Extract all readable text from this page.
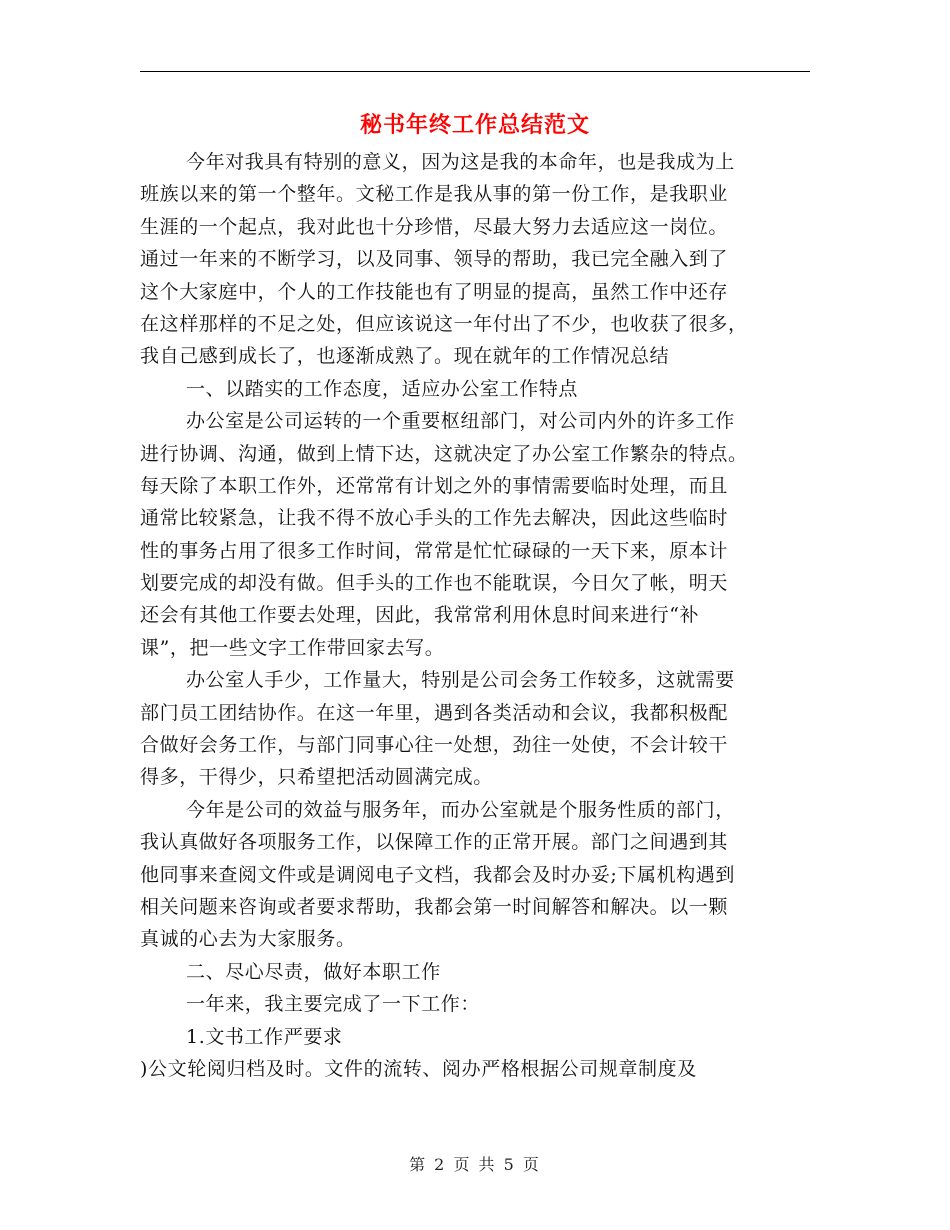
秘书年终工作总结范文
今年对我具有特别的意义，因为这是我的本命年，也是我成为上
班族以来的第一个整年。文秘工作是我从事的第一份工作，是我职业
生涯的一个起点，我对此也十分珍惜，尽最大努力去适应这一岗位。
通过一年来的不断学习，以及同事、领导的帮助，我已完全融入到了
这个大家庭中，个人的工作技能也有了明显的提高，虽然工作中还存
在这样那样的不足之处，但应该说这一年付出了不少，也收获了很多，
我自己感到成长了，也逐渐成熟了。现在就年的工作情况总结
一、以踏实的工作态度，适应办公室工作特点
办公室是公司运转的一个重要枢纽部门，对公司内外的许多工作
进行协调、沟通，做到上情下达，这就决定了办公室工作繁杂的特点。
每天除了本职工作外，还常常有计划之外的事情需要临时处理，而且
通常比较紧急，让我不得不放心手头的工作先去解决，因此这些临时
性的事务占用了很多工作时间，常常是忙忙碌碌的一天下来，原本计
划要完成的却没有做。但手头的工作也不能耽误，今日欠了帐，明天
还会有其他工作要去处理，因此，我常常利用休息时间来进行“补
课”，把一些文字工作带回家去写。
办公室人手少，工作量大，特别是公司会务工作较多，这就需要
部门员工团结协作。在这一年里，遇到各类活动和会议，我都积极配
合做好会务工作，与部门同事心往一处想，劲往一处使，不会计较干
得多，干得少，只希望把活动圆满完成。
今年是公司的效益与服务年，而办公室就是个服务性质的部门，
我认真做好各项服务工作，以保障工作的正常开展。部门之间遇到其
他同事来查阅文件或是调阅电子文档，我都会及时办妥;下属机构遇到
相关问题来咨询或者要求帮助，我都会第一时间解答和解决。以一颗
真诚的心去为大家服务。
二、尽心尽责，做好本职工作
一年来，我主要完成了一下工作：
1.文书工作严要求
)公文轮阅归档及时。文件的流转、阅办严格根据公司规章制度及
第 2 页 共 5 页
